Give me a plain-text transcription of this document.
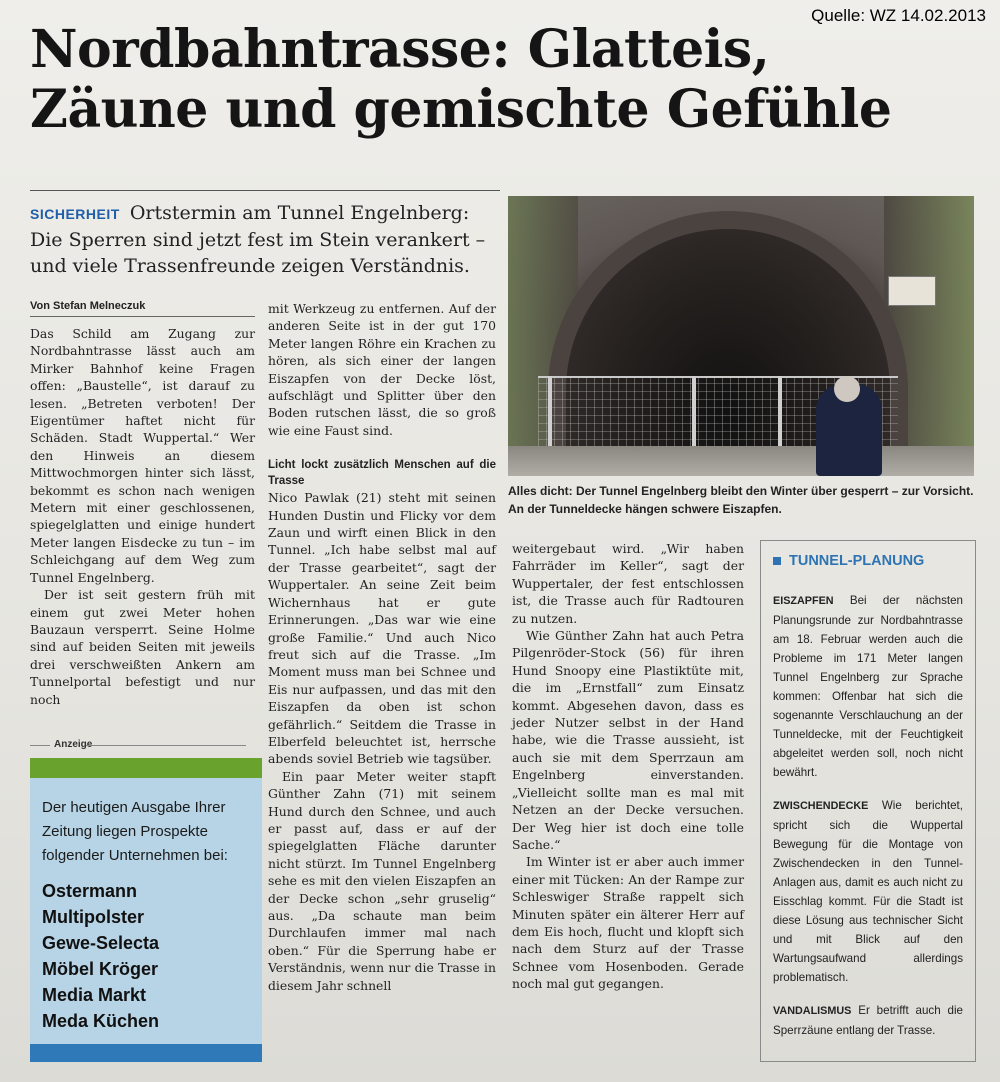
Quelle: WZ 14.02.2013
Nordbahntrasse: Glatteis,
Zäune und gemischte Gefühle
SICHERHEIT Ortstermin am Tunnel Engelnberg: Die Sperren sind jetzt fest im Stein verankert – und viele Trassenfreunde zeigen Verständnis.
Alles dicht: Der Tunnel Engelnberg bleibt den Winter über gesperrt – zur Vorsicht. An der Tunneldecke hängen schwere Eiszapfen.
Von Stefan Melneczuk

Das Schild am Zugang zur Nordbahntrasse lässt auch am Mirker Bahnhof keine Fragen offen: „Baustelle“, ist darauf zu lesen. „Betreten verboten! Der Eigentümer haftet nicht für Schäden. Stadt Wuppertal.“ Wer den Hinweis an diesem Mittwochmorgen hinter sich lässt, bekommt es schon nach wenigen Metern mit einer geschlossenen, spiegelglatten und einige hundert Meter langen Eisdecke zu tun – im Schleichgang auf dem Weg zum Tunnel Engelnberg.

Der ist seit gestern früh mit einem gut zwei Meter hohen Bauzaun versperrt. Seine Holme sind auf beiden Seiten mit jeweils drei verschweißten Ankern am Tunnelportal befestigt und nur noch

mit Werkzeug zu entfernen. Auf der anderen Seite ist in der gut 170 Meter langen Röhre ein Krachen zu hören, als sich einer der langen Eiszapfen von der Decke löst, aufschlägt und Splitter über den Boden rutschen lässt, die so groß wie eine Faust sind.

Licht lockt zusätzlich Menschen auf die Trasse

Nico Pawlak (21) steht mit seinen Hunden Dustin und Flicky vor dem Zaun und wirft einen Blick in den Tunnel. „Ich habe selbst mal auf der Trasse gearbeitet“, sagt der Wuppertaler. An seine Zeit beim Wichernhaus hat er gute Erinnerungen. „Das war wie eine große Familie.“ Und auch Nico freut sich auf die Trasse. „Im Moment muss man bei Schnee und Eis nur aufpassen, und das mit den Eiszapfen da oben ist schon gefährlich.“ Seitdem die Trasse in Elberfeld beleuchtet ist, herrsche abends soviel Betrieb wie tagsüber.

Ein paar Meter weiter stapft Günther Zahn (71) mit seinem Hund durch den Schnee, und auch er passt auf, dass er auf der spiegelglatten Fläche darunter nicht stürzt. Im Tunnel Engelnberg sehe es mit den vielen Eiszapfen an der Decke schon „sehr gruselig“ aus. „Da schaute man beim Durchlaufen immer mal nach oben.“ Für die Sperrung habe er Verständnis, wenn nur die Trasse in diesem Jahr schnell

weitergebaut wird. „Wir haben Fahrräder im Keller“, sagt der Wuppertaler, der fest entschlossen ist, die Trasse auch für Radtouren zu nutzen.

Wie Günther Zahn hat auch Petra Pilgenröder-Stock (56) für ihren Hund Snoopy eine Plastiktüte mit, die im „Ernstfall“ zum Einsatz kommt. Abgesehen davon, dass es jeder Nutzer selbst in der Hand habe, wie die Trasse aussieht, ist auch sie mit dem Sperrzaun am Engelnberg einverstanden. „Vielleicht sollte man es mal mit Netzen an der Decke versuchen. Der Weg hier ist doch eine tolle Sache.“

Im Winter ist er aber auch immer einer mit Tücken: An der Rampe zur Schleswiger Straße rappelt sich Minuten später ein älterer Herr auf dem Eis hoch, flucht und klopft sich nach dem Sturz auf der Trasse Schnee vom Hosenboden. Gerade noch mal gut gegangen.

Anzeige
Der heutigen Ausgabe Ihrer Zeitung liegen Prospekte folgender Unternehmen bei:
Ostermann
Multipolster
Gewe-Selecta
Möbel Kröger
Media Markt
Meda Küchen
TUNNEL-PLANUNG

EISZAPFEN Bei der nächsten Planungsrunde zur Nordbahntrasse am 18. Februar werden auch die Probleme im 171 Meter langen Tunnel Engelnberg zur Sprache kommen: Offenbar hat sich die sogenannte Verschlauchung an der Tunneldecke, mit der Feuchtigkeit abgeleitet werden soll, noch nicht bewährt.

ZWISCHENDECKE Wie berichtet, spricht sich die Wuppertal Bewegung für die Montage von Zwischendecken in den Tunnel-Anlagen aus, damit es auch nicht zu Eisschlag kommt. Für die Stadt ist diese Lösung aus technischer Sicht und mit Blick auf den Wartungsaufwand allerdings problematisch.

VANDALISMUS Er betrifft auch die Sperrzäune entlang der Trasse.
